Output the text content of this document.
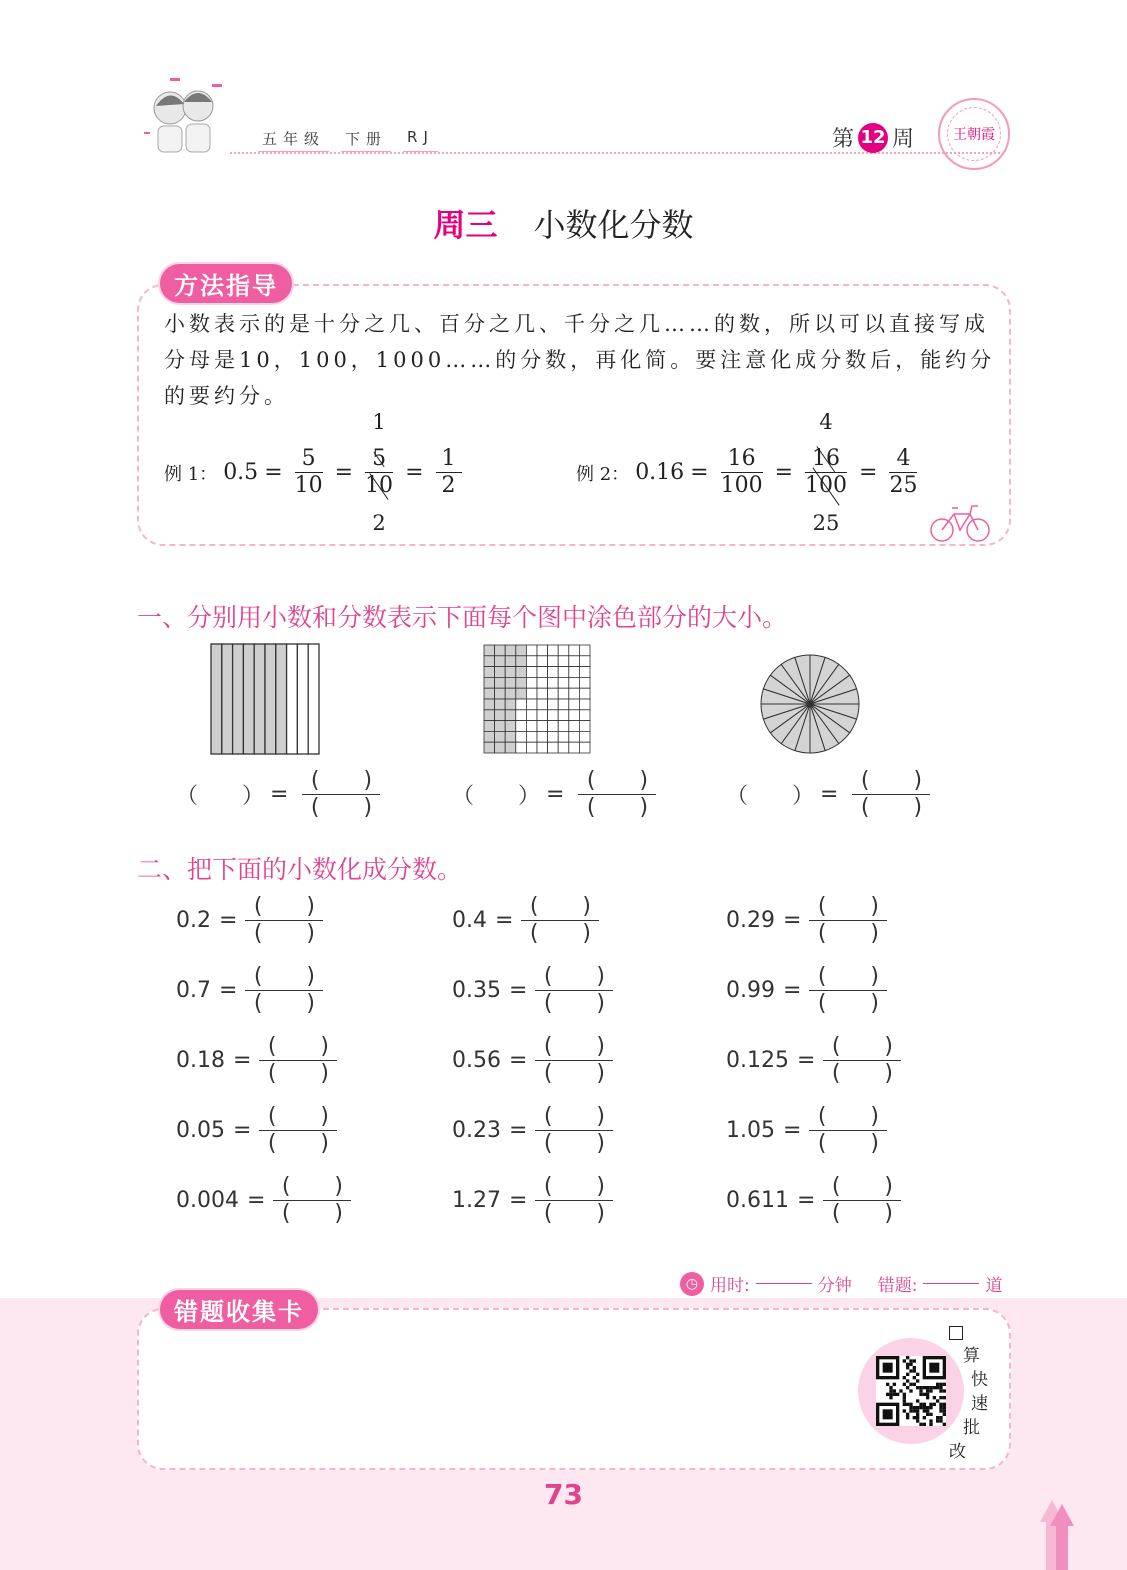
五年级 下册 RJ	第 12 周	王朝霞
周三 小数化分数
方法指导
小数表示的是十分之几、百分之几、千分之几……的数，所以可以直接写成分母是10，100，1000……的分数，再化简。要注意化成分数后，能约分的要约分。
例 1： $0.5 = \frac{5}{10}$ =
1
5
10
2
= $\frac{1}{2}$	例 2： $0.16 = \frac{16}{100}$ =
4
16
100
25
= $\frac{4}{25}$
一、分别用小数和分数表示下面每个图中涂色部分的大小。
（　　） =
(　　)
(　　)	（　　） =
(　　)
(　　)	（　　） =
(　　)
(　　)
二、把下面的小数化成分数。
0.2 =
(　　)
(　　)
0.4 =
(　　)
(　　)
0.29 =
(　　)
(　　)
0.7 =
(　　)
(　　)
0.35 =
(　　)
(　　)
0.99 =
(　　)
(　　)
0.18 =
(　　)
(　　)
0.56 =
(　　)
(　　)
0.125 =
(　　)
(　　)
0.05 =
(　　)
(　　)
0.23 =
(　　)
(　　)
1.05 =
(　　)
(　　)
0.004 =
(　　)
(　　)
1.27 =
(　　)
(　　)
0.611 =
(　　)
(　　)
◷ 用时:	分钟 错题:	道
错题收集卡
算
快
速
批
改
73
